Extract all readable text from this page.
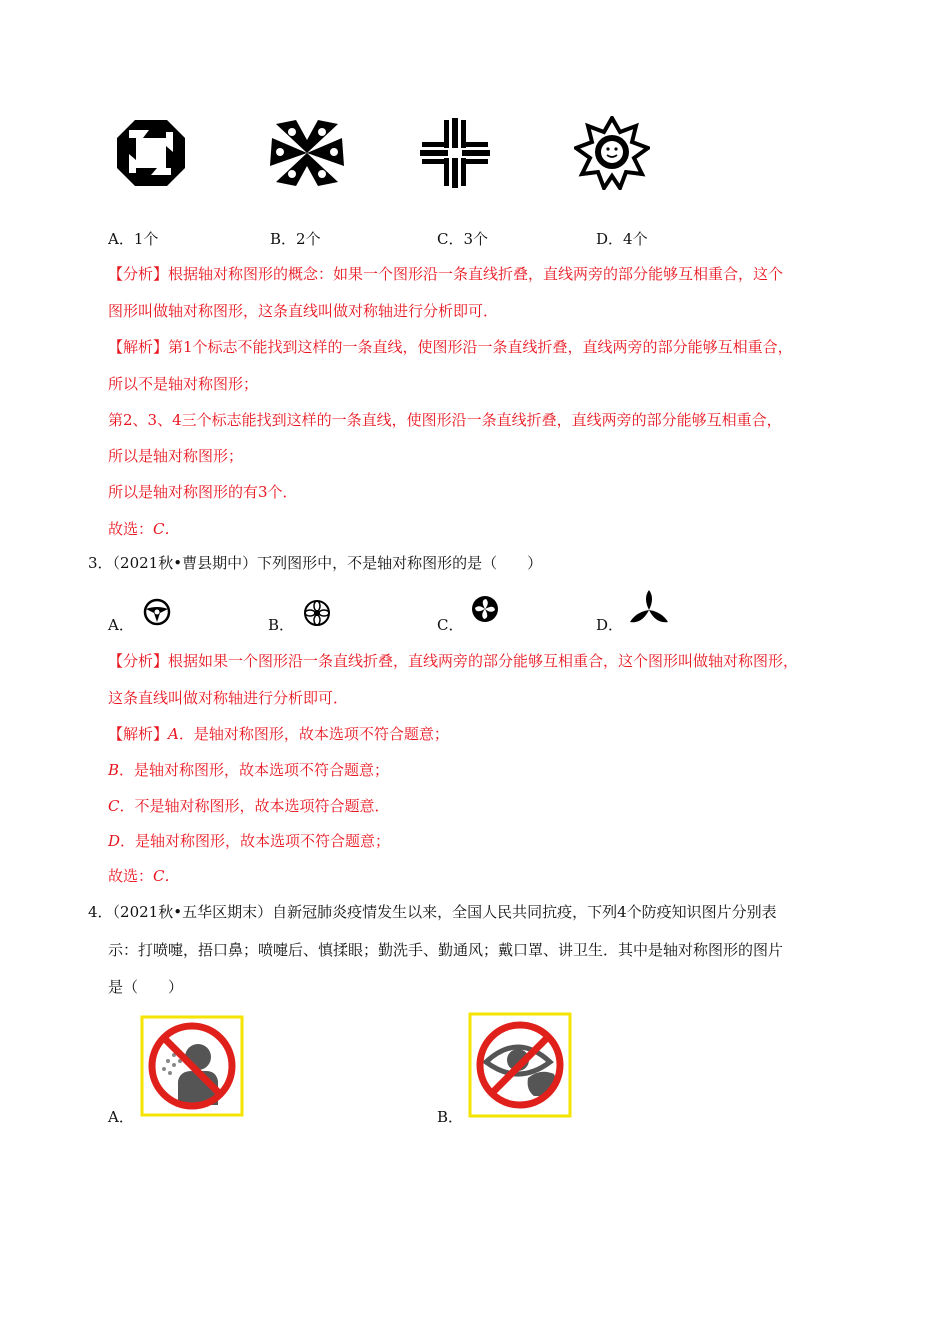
A．1个	B．2个	C．3个	D．4个
【分析】根据轴对称图形的概念：如果一个图形沿一条直线折叠，直线两旁的部分能够互相重合，这个
图形叫做轴对称图形，这条直线叫做对称轴进行分析即可．
【解析】第1个标志不能找到这样的一条直线，使图形沿一条直线折叠，直线两旁的部分能够互相重合，
所以不是轴对称图形；
第2、3、4三个标志能找到这样的一条直线，使图形沿一条直线折叠，直线两旁的部分能够互相重合，
所以是轴对称图形；
所以是轴对称图形的有3个．
故选：C．
3．（2021秋•曹县期中）下列图形中，不是轴对称图形的是（　　）
A．	B．	C．	D．
【分析】根据如果一个图形沿一条直线折叠，直线两旁的部分能够互相重合，这个图形叫做轴对称图形，
这条直线叫做对称轴进行分析即可．
【解析】A．是轴对称图形，故本选项不符合题意；
B．是轴对称图形，故本选项不符合题意；
C．不是轴对称图形，故本选项符合题意．
D．是轴对称图形，故本选项不符合题意；
故选：C．
4．（2021秋•五华区期末）自新冠肺炎疫情发生以来，全国人民共同抗疫，下列4个防疫知识图片分别表
示：打喷嚏，捂口鼻；喷嚏后、慎揉眼；勤洗手、勤通风；戴口罩、讲卫生．其中是轴对称图形的图片
是（　　）
A．	B．
